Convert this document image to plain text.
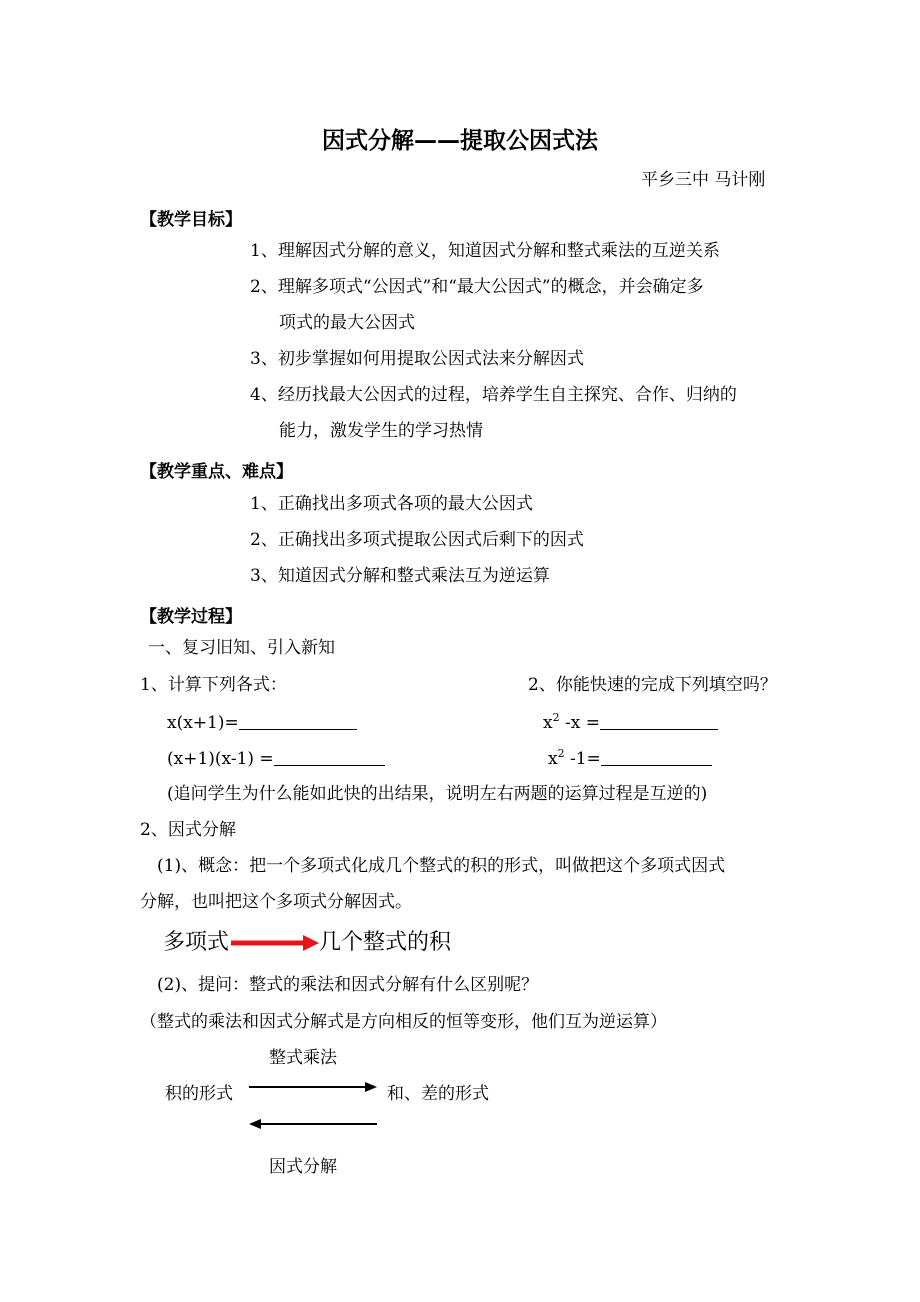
因式分解——提取公因式法
平乡三中 马计刚
【教学目标】
1、理解因式分解的意义，知道因式分解和整式乘法的互逆关系
2、理解多项式“公因式”和“最大公因式”的概念，并会确定多
项式的最大公因式
3、初步掌握如何用提取公因式法来分解因式
4、经历找最大公因式的过程，培养学生自主探究、合作、归纳的
能力，激发学生的学习热情
【教学重点、难点】
1、正确找出多项式各项的最大公因式
2、正确找出多项式提取公因式后剩下的因式
3、知道因式分解和整式乘法互为逆运算
【教学过程】
一、复习旧知、引入新知
1、计算下列各式：	2、你能快速的完成下列填空吗？
x(x+1)=	$x^2$ -x =
(x+1)(x-1) =	$x^2$ -1=
(追问学生为什么能如此快的出结果，说明左右两题的运算过程是互逆的)
2、因式分解
(1)、概念：把一个多项式化成几个整式的积的形式，叫做把这个多项式因式
分解，也叫把这个多项式分解因式。
多项式	几个整式的积
(2)、提问：整式的乘法和因式分解有什么区别呢？
（整式的乘法和因式分解式是方向相反的恒等变形，他们互为逆运算）
整式乘法
积的形式	和、差的形式
因式分解
